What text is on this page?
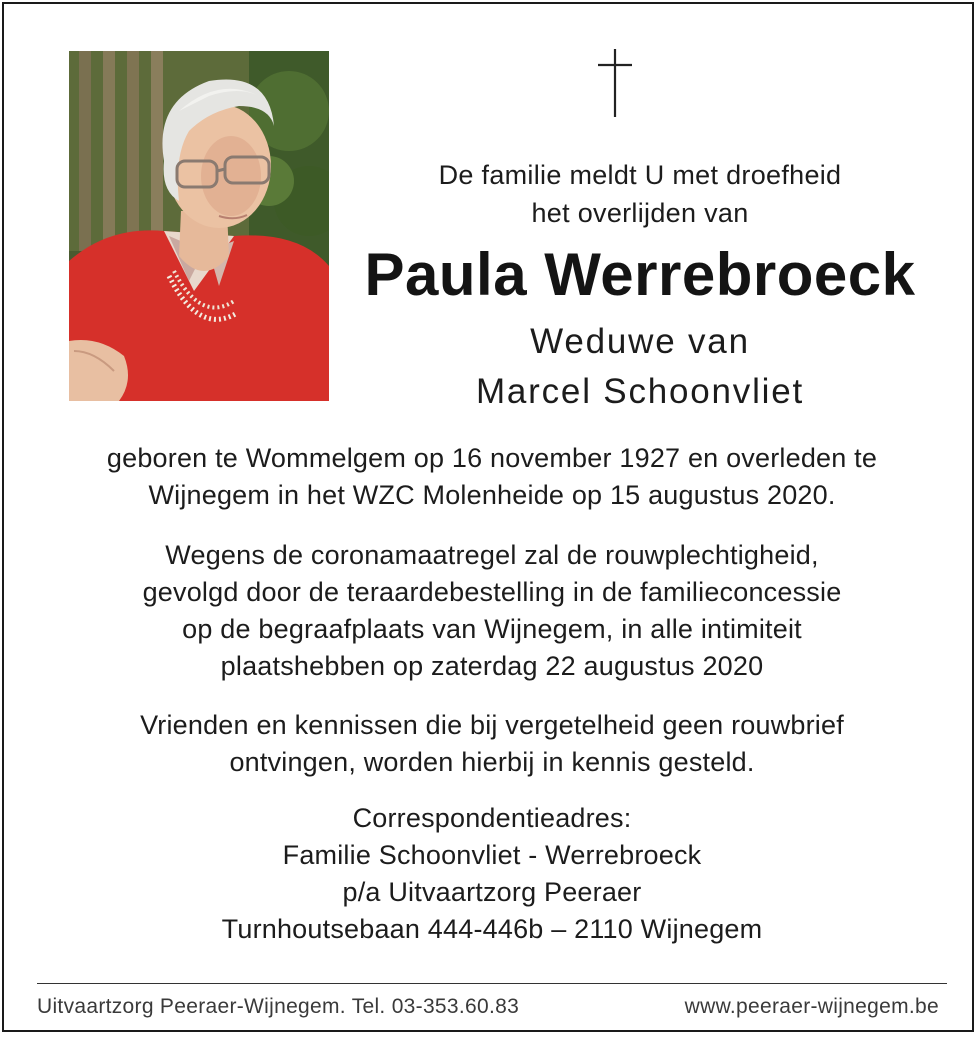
De familie meldt U met droefheid
het overlijden van
Paula Werrebroeck
Weduwe van
Marcel Schoonvliet
geboren te Wommelgem op 16 november 1927 en overleden te
Wijnegem in het WZC Molenheide op 15 augustus 2020.
Wegens de coronamaatregel zal de rouwplechtigheid,
gevolgd door de teraardebestelling in de familieconcessie
op de begraafplaats van Wijnegem, in alle intimiteit
plaatshebben op zaterdag 22 augustus 2020
Vrienden en kennissen die bij vergetelheid geen rouwbrief
ontvingen, worden hierbij in kennis gesteld.
Correspondentieadres:
Familie Schoonvliet - Werrebroeck
p/a Uitvaartzorg Peeraer
Turnhoutsebaan 444-446b – 2110 Wijnegem
Uitvaartzorg Peeraer-Wijnegem. Tel. 03-353.60.83	www.peeraer-wijnegem.be
